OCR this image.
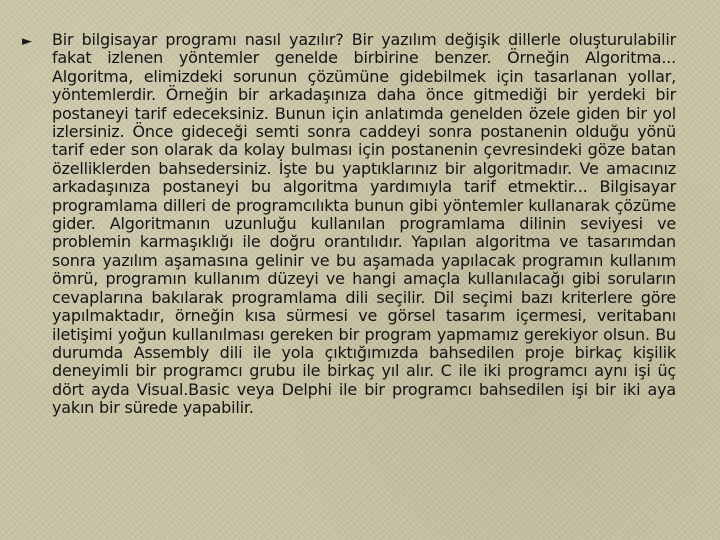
► Bir bilgisayar programı nasıl yazılır? Bir yazılım değişik dillerle oluşturulabilir fakat izlenen yöntemler genelde birbirine benzer. Örneğin Algoritma... Algoritma, elimizdeki sorunun çözümüne gidebilmek için tasarlanan yollar, yöntemlerdir. Örneğin bir arkadaşınıza daha önce gitmediği bir yerdeki bir postaneyi tarif edeceksiniz. Bunun için anlatımda genelden özele giden bir yol izlersiniz. Önce gideceği semti sonra caddeyi sonra postanenin olduğu yönü tarif eder son olarak da kolay bulması için postanenin çevresindeki göze batan özelliklerden bahsedersiniz. İşte bu yaptıklarınız bir algoritmadır. Ve amacınız arkadaşınıza postaneyi bu algoritma yardımıyla tarif etmektir... Bilgisayar programlama dilleri de programcılıkta bunun gibi yöntemler kullanarak çözüme gider. Algoritmanın uzunluğu kullanılan programlama dilinin seviyesi ve problemin karmaşıklığı ile doğru orantılıdır. Yapılan algoritma ve tasarımdan sonra yazılım aşamasına gelinir ve bu aşamada yapılacak programın kullanım ömrü, programın kullanım düzeyi ve hangi amaçla kullanılacağı gibi soruların cevaplarına bakılarak programlama dili seçilir. Dil seçimi bazı kriterlere göre yapılmaktadır, örneğin kısa sürmesi ve görsel tasarım içermesi, veritabanı iletişimi yoğun kullanılması gereken bir program yapmamız gerekiyor olsun. Bu durumda Assembly dili ile yola çıktığımızda bahsedilen proje birkaç kişilik deneyimli bir programcı grubu ile birkaç yıl alır. C ile iki programcı aynı işi üç dört ayda Visual.Basic veya Delphi ile bir programcı bahsedilen işi bir iki aya yakın bir sürede yapabilir.
